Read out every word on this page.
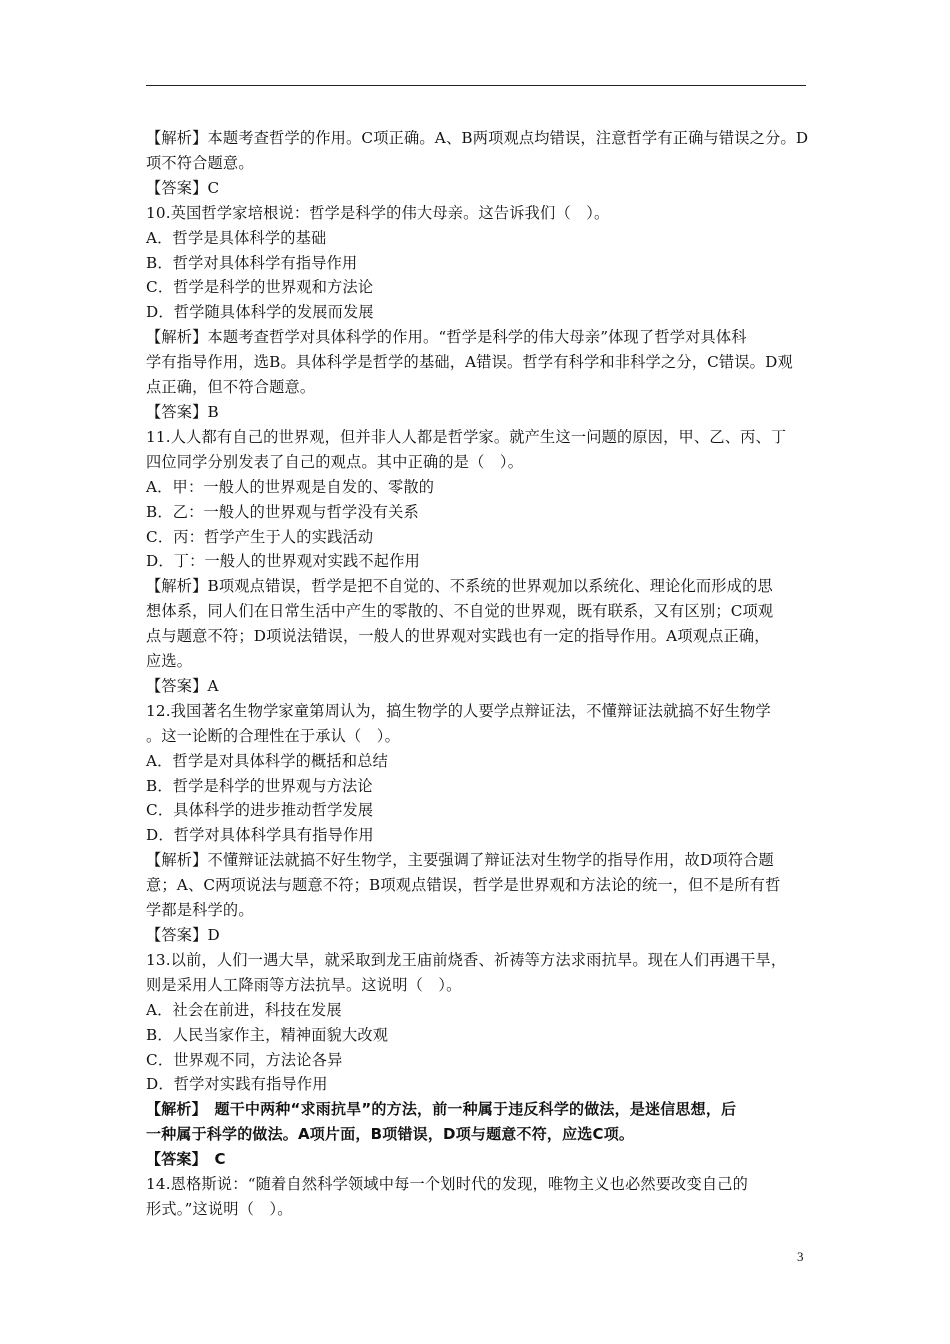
【解析】本题考查哲学的作用。C项正确。A、B两项观点均错误，注意哲学有正确与错误之分。D
项不符合题意。
【答案】C
10.英国哲学家培根说：哲学是科学的伟大母亲。这告诉我们（　）。
A．哲学是具体科学的基础
B．哲学对具体科学有指导作用
C．哲学是科学的世界观和方法论
D．哲学随具体科学的发展而发展
【解析】本题考查哲学对具体科学的作用。“哲学是科学的伟大母亲”体现了哲学对具体科
学有指导作用，选B。具体科学是哲学的基础，A错误。哲学有科学和非科学之分，C错误。D观
点正确，但不符合题意。
【答案】B
11.人人都有自己的世界观，但并非人人都是哲学家。就产生这一问题的原因，甲、乙、丙、丁
四位同学分别发表了自己的观点。其中正确的是（　）。
A．甲：一般人的世界观是自发的、零散的
B．乙：一般人的世界观与哲学没有关系
C．丙：哲学产生于人的实践活动
D．丁：一般人的世界观对实践不起作用
【解析】B项观点错误，哲学是把不自觉的、不系统的世界观加以系统化、理论化而形成的思
想体系，同人们在日常生活中产生的零散的、不自觉的世界观，既有联系，又有区别；C项观
点与题意不符；D项说法错误，一般人的世界观对实践也有一定的指导作用。A项观点正确，
应选。
【答案】A
12.我国著名生物学家童第周认为，搞生物学的人要学点辩证法，不懂辩证法就搞不好生物学
。这一论断的合理性在于承认（　）。
A．哲学是对具体科学的概括和总结
B．哲学是科学的世界观与方法论
C．具体科学的进步推动哲学发展
D．哲学对具体科学具有指导作用
【解析】不懂辩证法就搞不好生物学，主要强调了辩证法对生物学的指导作用，故D项符合题
意；A、C两项说法与题意不符；B项观点错误，哲学是世界观和方法论的统一，但不是所有哲
学都是科学的。
【答案】D
13.以前，人们一遇大旱，就采取到龙王庙前烧香、祈祷等方法求雨抗旱。现在人们再遇干旱，
则是采用人工降雨等方法抗旱。这说明（　）。
A．社会在前进，科技在发展
B．人民当家作主，精神面貌大改观
C．世界观不同，方法论各异
D．哲学对实践有指导作用
【解析】　题干中两种“求雨抗旱”的方法，前一种属于违反科学的做法，是迷信思想，后
一种属于科学的做法。A项片面，B项错误，D项与题意不符，应选C项。
【答案】　C
14.恩格斯说：“随着自然科学领域中每一个划时代的发现，唯物主义也必然要改变自己的
形式。”这说明（　）。
3
